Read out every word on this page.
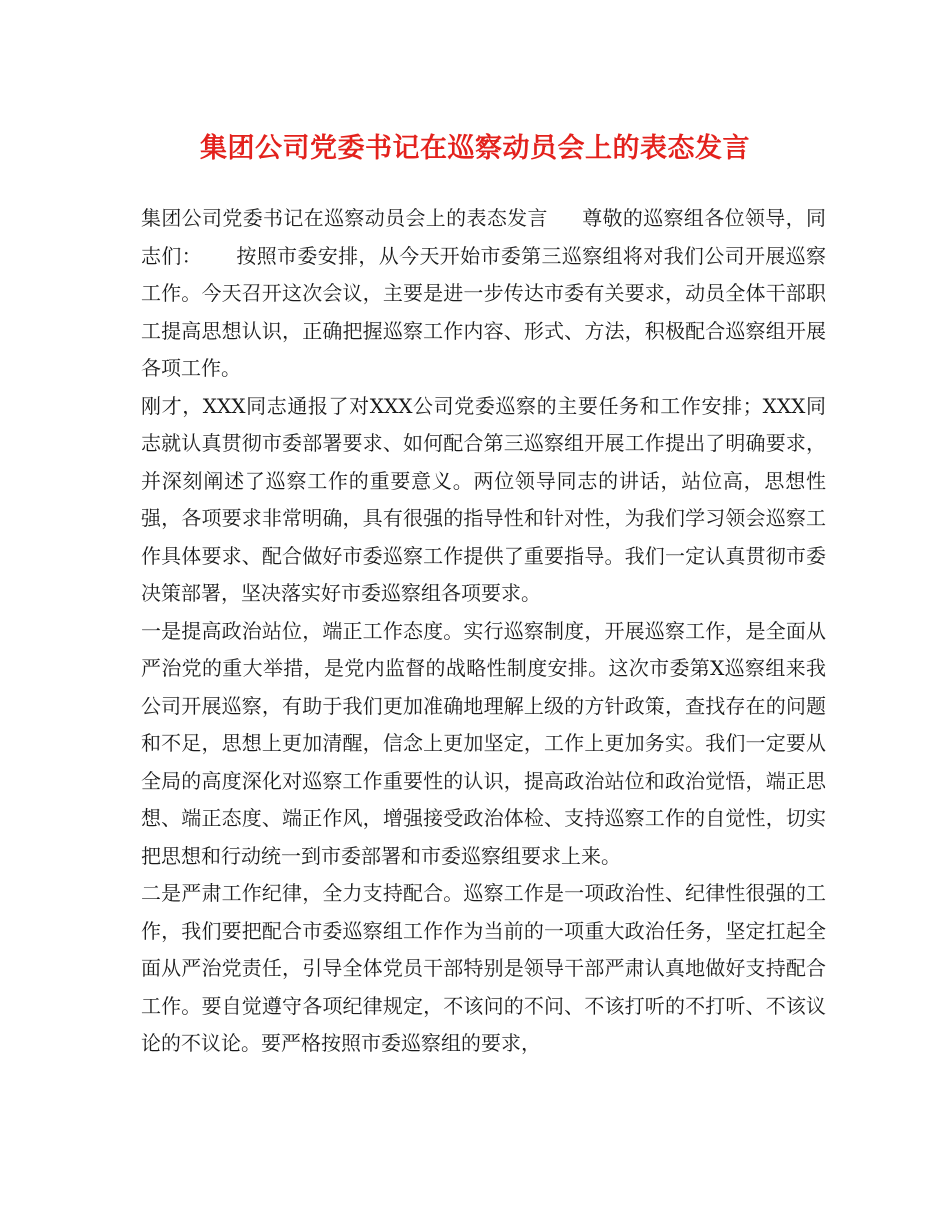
集团公司党委书记在巡察动员会上的表态发言

集团公司党委书记在巡察动员会上的表态发言 尊敬的巡察组各位领导，同志们： 按照市委安排，从今天开始市委第三巡察组将对我们公司开展巡察工作。今天召开这次会议，主要是进一步传达市委有关要求，动员全体干部职工提高思想认识，正确把握巡察工作内容、形式、方法，积极配合巡察组开展各项工作。

刚才，XXX同志通报了对XXX公司党委巡察的主要任务和工作安排；XXX同志就认真贯彻市委部署要求、如何配合第三巡察组开展工作提出了明确要求，并深刻阐述了巡察工作的重要意义。两位领导同志的讲话，站位高，思想性强，各项要求非常明确，具有很强的指导性和针对性，为我们学习领会巡察工作具体要求、配合做好市委巡察工作提供了重要指导。我们一定认真贯彻市委决策部署，坚决落实好市委巡察组各项要求。

一是提高政治站位，端正工作态度。实行巡察制度，开展巡察工作，是全面从严治党的重大举措，是党内监督的战略性制度安排。这次市委第X巡察组来我公司开展巡察，有助于我们更加准确地理解上级的方针政策，查找存在的问题和不足，思想上更加清醒，信念上更加坚定，工作上更加务实。我们一定要从全局的高度深化对巡察工作重要性的认识，提高政治站位和政治觉悟，端正思想、端正态度、端正作风，增强接受政治体检、支持巡察工作的自觉性，切实把思想和行动统一到市委部署和市委巡察组要求上来。

二是严肃工作纪律，全力支持配合。巡察工作是一项政治性、纪律性很强的工作，我们要把配合市委巡察组工作作为当前的一项重大政治任务，坚定扛起全面从严治党责任，引导全体党员干部特别是领导干部严肃认真地做好支持配合工作。要自觉遵守各项纪律规定，不该问的不问、不该打听的不打听、不该议论的不议论。要严格按照市委巡察组的要求，
